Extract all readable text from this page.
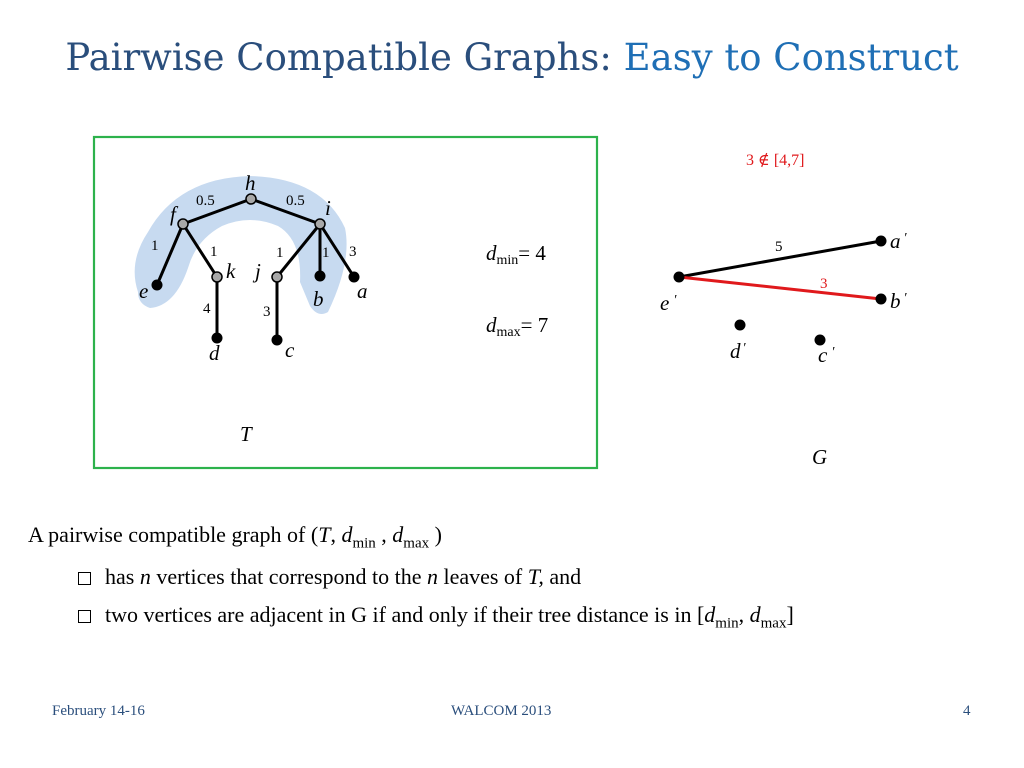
Pairwise Compatible Graphs: Easy to Construct
h
f	i
e
k
d
j
c
b a
T
0.5	0.5
1	1
4
1
3
1 3	dmin= 4
dmax= 7
3 ∉ [4,7]
5
3
a ′
b ′
e ′
d ′	c ′
G
A pairwise compatible graph of (T, $d_{min}$ , $d_{max}$ )
has n vertices that correspond to the n leaves of T, and
two vertices are adjacent in G if and only if their tree distance is in [$d_{min}$, $d_{max}$]
February 14-16	WALCOM 2013	4
